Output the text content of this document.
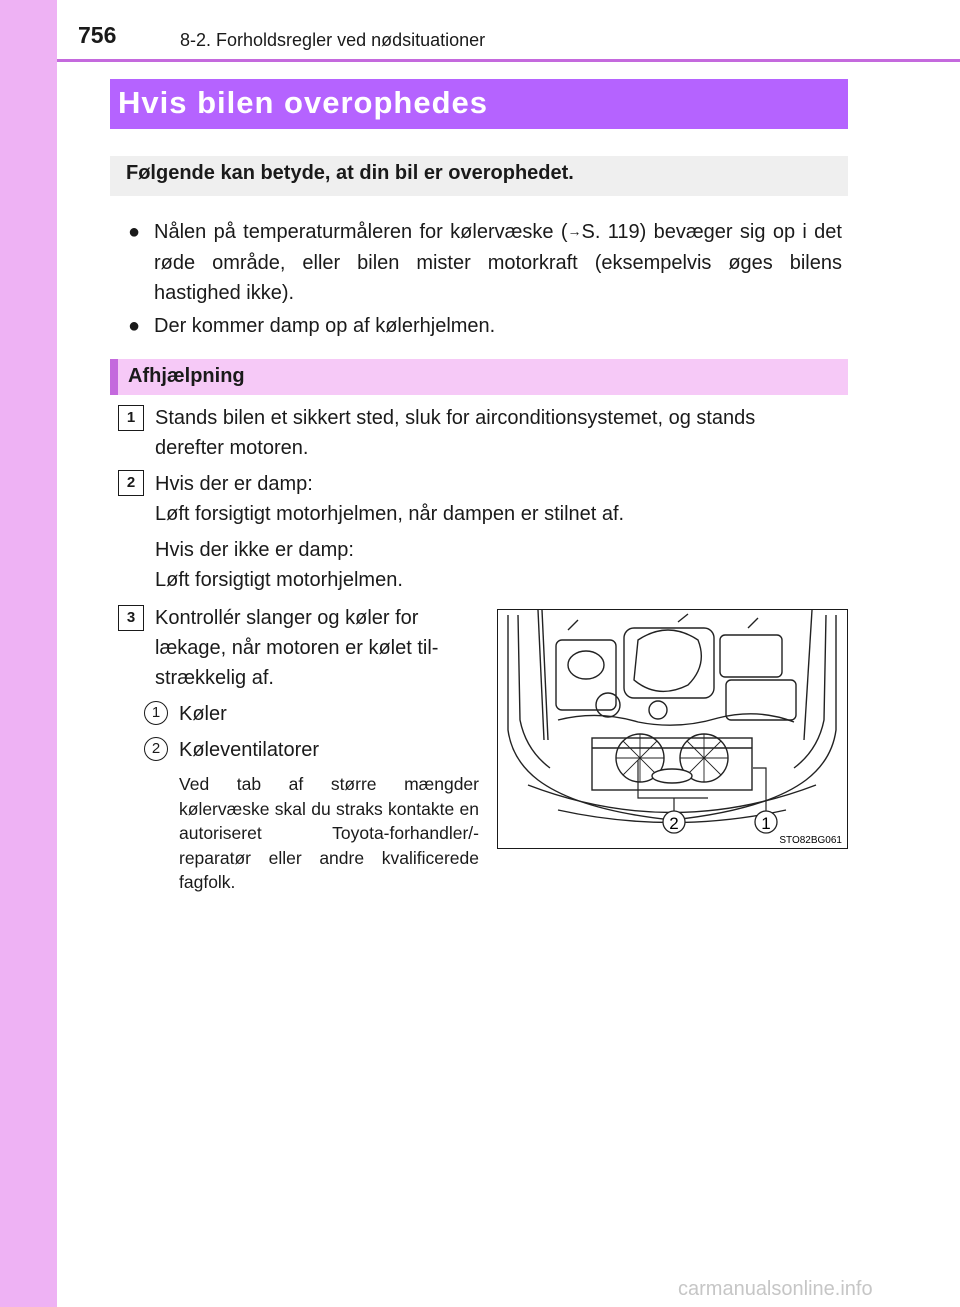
756	8-2. Forholdsregler ved nødsituationer
Hvis bilen overophedes
Følgende kan betyde, at din bil er overophedet.
● Nålen på temperaturmåleren for kølervæske (→S. 119) bevæger sig op i det røde område, eller bilen mister motorkraft (eksempelvis øges bilens hastighed ikke).
● Der kommer damp op af kølerhjelmen.
Afhjælpning
1 Stands bilen et sikkert sted, sluk for airconditionsystemet, og stands
derefter motoren.
2 Hvis der er damp:
Løft forsigtigt motorhjelmen, når dampen er stilnet af.
Hvis der ikke er damp:
Løft forsigtigt motorhjelmen.
3 Kontrollér slanger og køler for
lækage, når motoren er kølet til-
strækkelig af.
1 Køler
2 Køleventilatorer
Ved tab af større mængder kølervæske skal du straks kontakte en autoriseret Toyota-forhandler/-reparatør eller andre kvalificerede fagfolk.
2	1
STO82BG061
carmanualsonline.info
